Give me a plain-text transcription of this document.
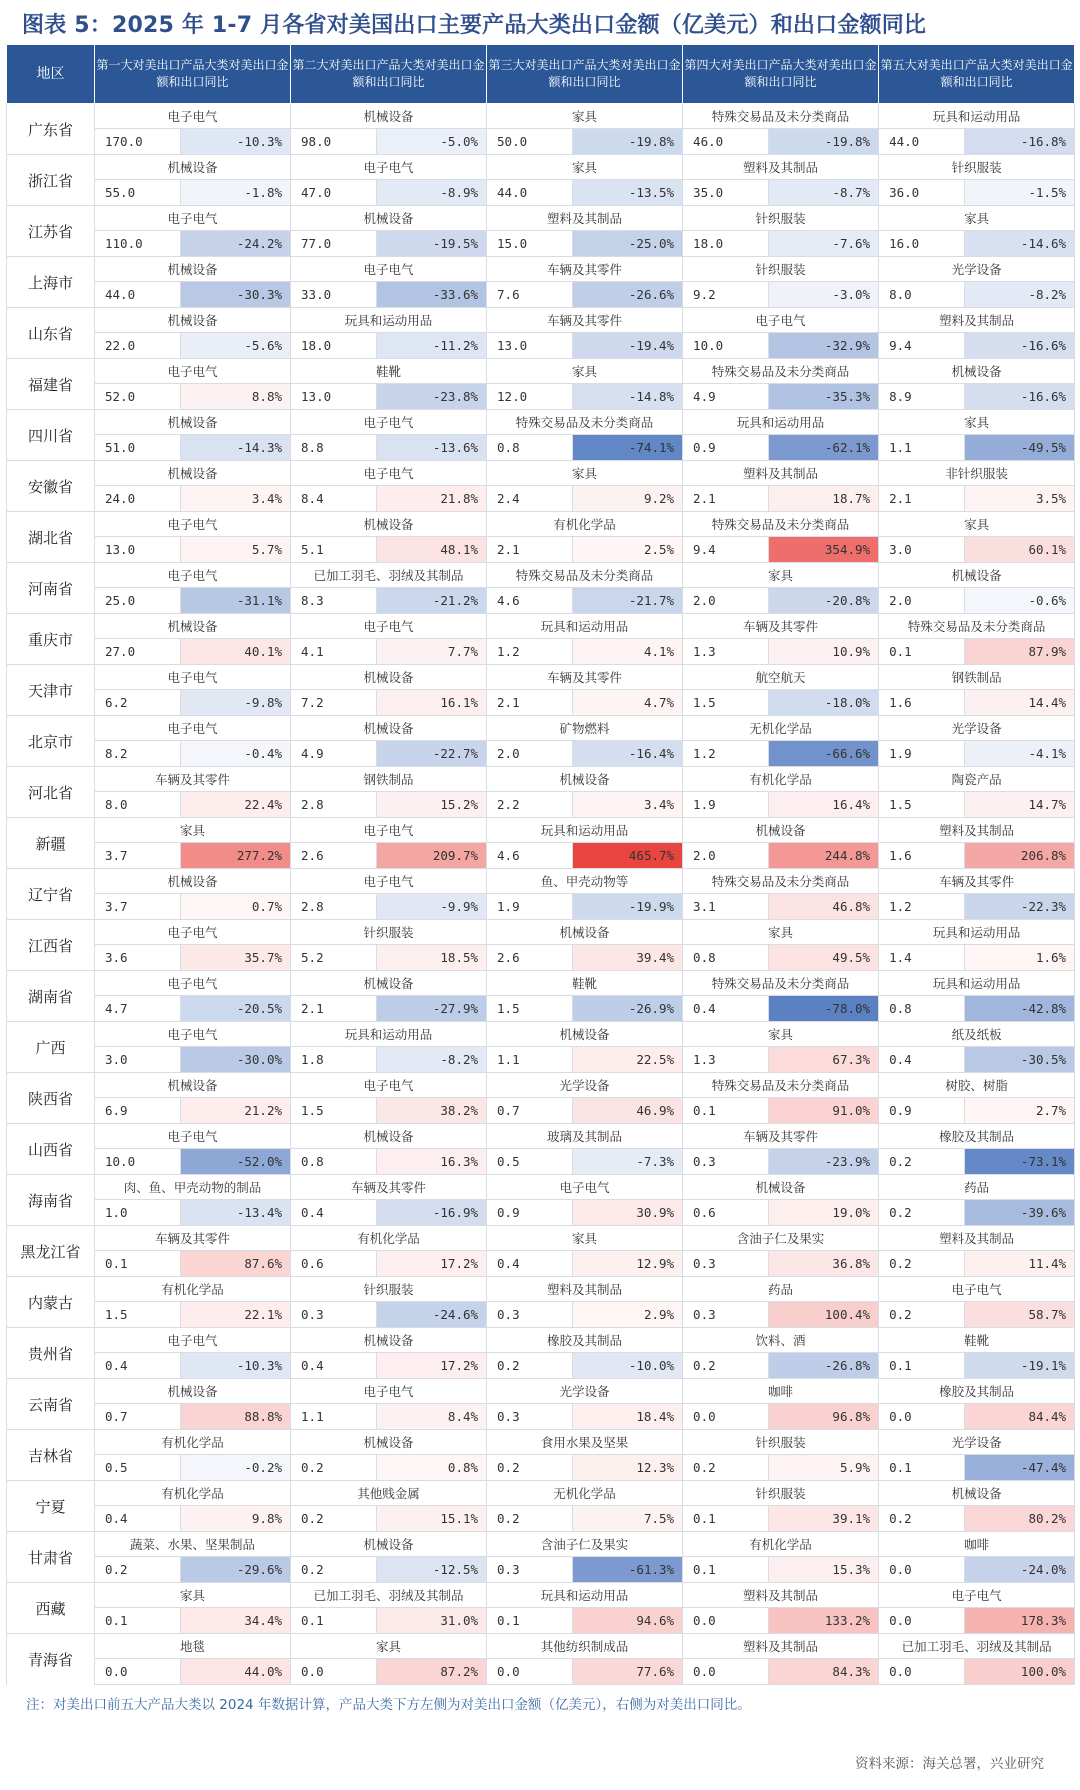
图表 5：2025 年 1-7 月各省对美国出口主要产品大类出口金额（亿美元）和出口金额同比
地区	第一大对美出口产品大类对美出口金额和出口同比		第二大对美出口产品大类对美出口金额和出口同比		第三大对美出口产品大类对美出口金额和出口同比		第四大对美出口产品大类对美出口金额和出口同比		第五大对美出口产品大类对美出口金额和出口同比	
广东省	电子电气		机械设备		家具		特殊交易品及未分类商品		玩具和运动用品	
	170.0	-10.3%	98.0	-5.0%	50.0	-19.8%	46.0	-19.8%	44.0	-16.8%
浙江省	机械设备		电子电气		家具		塑料及其制品		针织服装	
	55.0	-1.8%	47.0	-8.9%	44.0	-13.5%	35.0	-8.7%	36.0	-1.5%
江苏省	电子电气		机械设备		塑料及其制品		针织服装		家具	
	110.0	-24.2%	77.0	-19.5%	15.0	-25.0%	18.0	-7.6%	16.0	-14.6%
上海市	机械设备		电子电气		车辆及其零件		针织服装		光学设备	
	44.0	-30.3%	33.0	-33.6%	7.6	-26.6%	9.2	-3.0%	8.0	-8.2%
山东省	机械设备		玩具和运动用品		车辆及其零件		电子电气		塑料及其制品	
	22.0	-5.6%	18.0	-11.2%	13.0	-19.4%	10.0	-32.9%	9.4	-16.6%
福建省	电子电气		鞋靴		家具		特殊交易品及未分类商品		机械设备	
	52.0	8.8%	13.0	-23.8%	12.0	-14.8%	4.9	-35.3%	8.9	-16.6%
四川省	机械设备		电子电气		特殊交易品及未分类商品		玩具和运动用品		家具	
	51.0	-14.3%	8.8	-13.6%	0.8	-74.1%	0.9	-62.1%	1.1	-49.5%
安徽省	机械设备		电子电气		家具		塑料及其制品		非针织服装	
	24.0	3.4%	8.4	21.8%	2.4	9.2%	2.1	18.7%	2.1	3.5%
湖北省	电子电气		机械设备		有机化学品		特殊交易品及未分类商品		家具	
	13.0	5.7%	5.1	48.1%	2.1	2.5%	9.4	354.9%	3.0	60.1%
河南省	电子电气		已加工羽毛、羽绒及其制品		特殊交易品及未分类商品		家具		机械设备	
	25.0	-31.1%	8.3	-21.2%	4.6	-21.7%	2.0	-20.8%	2.0	-0.6%
重庆市	机械设备		电子电气		玩具和运动用品		车辆及其零件		特殊交易品及未分类商品	
	27.0	40.1%	4.1	7.7%	1.2	4.1%	1.3	10.9%	0.1	87.9%
天津市	电子电气		机械设备		车辆及其零件		航空航天		钢铁制品	
	6.2	-9.8%	7.2	16.1%	2.1	4.7%	1.5	-18.0%	1.6	14.4%
北京市	电子电气		机械设备		矿物燃料		无机化学品		光学设备	
	8.2	-0.4%	4.9	-22.7%	2.0	-16.4%	1.2	-66.6%	1.9	-4.1%
河北省	车辆及其零件		钢铁制品		机械设备		有机化学品		陶瓷产品	
	8.0	22.4%	2.8	15.2%	2.2	3.4%	1.9	16.4%	1.5	14.7%
新疆	家具		电子电气		玩具和运动用品		机械设备		塑料及其制品	
	3.7	277.2%	2.6	209.7%	4.6	465.7%	2.0	244.8%	1.6	206.8%
辽宁省	机械设备		电子电气		鱼、甲壳动物等		特殊交易品及未分类商品		车辆及其零件	
	3.7	0.7%	2.8	-9.9%	1.9	-19.9%	3.1	46.8%	1.2	-22.3%
江西省	电子电气		针织服装		机械设备		家具		玩具和运动用品	
	3.6	35.7%	5.2	18.5%	2.6	39.4%	0.8	49.5%	1.4	1.6%
湖南省	电子电气		机械设备		鞋靴		特殊交易品及未分类商品		玩具和运动用品	
	4.7	-20.5%	2.1	-27.9%	1.5	-26.9%	0.4	-78.0%	0.8	-42.8%
广西	电子电气		玩具和运动用品		机械设备		家具		纸及纸板	
	3.0	-30.0%	1.8	-8.2%	1.1	22.5%	1.3	67.3%	0.4	-30.5%
陕西省	机械设备		电子电气		光学设备		特殊交易品及未分类商品		树胶、树脂	
	6.9	21.2%	1.5	38.2%	0.7	46.9%	0.1	91.0%	0.9	2.7%
山西省	电子电气		机械设备		玻璃及其制品		车辆及其零件		橡胶及其制品	
	10.0	-52.0%	0.8	16.3%	0.5	-7.3%	0.3	-23.9%	0.2	-73.1%
海南省	肉、鱼、甲壳动物的制品		车辆及其零件		电子电气		机械设备		药品	
	1.0	-13.4%	0.4	-16.9%	0.9	30.9%	0.6	19.0%	0.2	-39.6%
黑龙江省	车辆及其零件		有机化学品		家具		含油子仁及果实		塑料及其制品	
	0.1	87.6%	0.6	17.2%	0.4	12.9%	0.3	36.8%	0.2	11.4%
内蒙古	有机化学品		针织服装		塑料及其制品		药品		电子电气	
	1.5	22.1%	0.3	-24.6%	0.3	2.9%	0.3	100.4%	0.2	58.7%
贵州省	电子电气		机械设备		橡胶及其制品		饮料、酒		鞋靴	
	0.4	-10.3%	0.4	17.2%	0.2	-10.0%	0.2	-26.8%	0.1	-19.1%
云南省	机械设备		电子电气		光学设备		咖啡		橡胶及其制品	
	0.7	88.8%	1.1	8.4%	0.3	18.4%	0.0	96.8%	0.0	84.4%
吉林省	有机化学品		机械设备		食用水果及坚果		针织服装		光学设备	
	0.5	-0.2%	0.2	0.8%	0.2	12.3%	0.2	5.9%	0.1	-47.4%
宁夏	有机化学品		其他贱金属		无机化学品		针织服装		机械设备	
	0.4	9.8%	0.2	15.1%	0.2	7.5%	0.1	39.1%	0.2	80.2%
甘肃省	蔬菜、水果、坚果制品		机械设备		含油子仁及果实		有机化学品		咖啡	
	0.2	-29.6%	0.2	-12.5%	0.3	-61.3%	0.1	15.3%	0.0	-24.0%
西藏	家具		已加工羽毛、羽绒及其制品		玩具和运动用品		塑料及其制品		电子电气	
	0.1	34.4%	0.1	31.0%	0.1	94.6%	0.0	133.2%	0.0	178.3%
青海省	地毯		家具		其他纺织制成品		塑料及其制品		已加工羽毛、羽绒及其制品	
	0.0	44.0%	0.0	87.2%	0.0	77.6%	0.0	84.3%	0.0	100.0%
注：对美出口前五大产品大类以 2024 年数据计算，产品大类下方左侧为对美出口金额（亿美元），右侧为对美出口同比。
资料来源：海关总署，兴业研究
